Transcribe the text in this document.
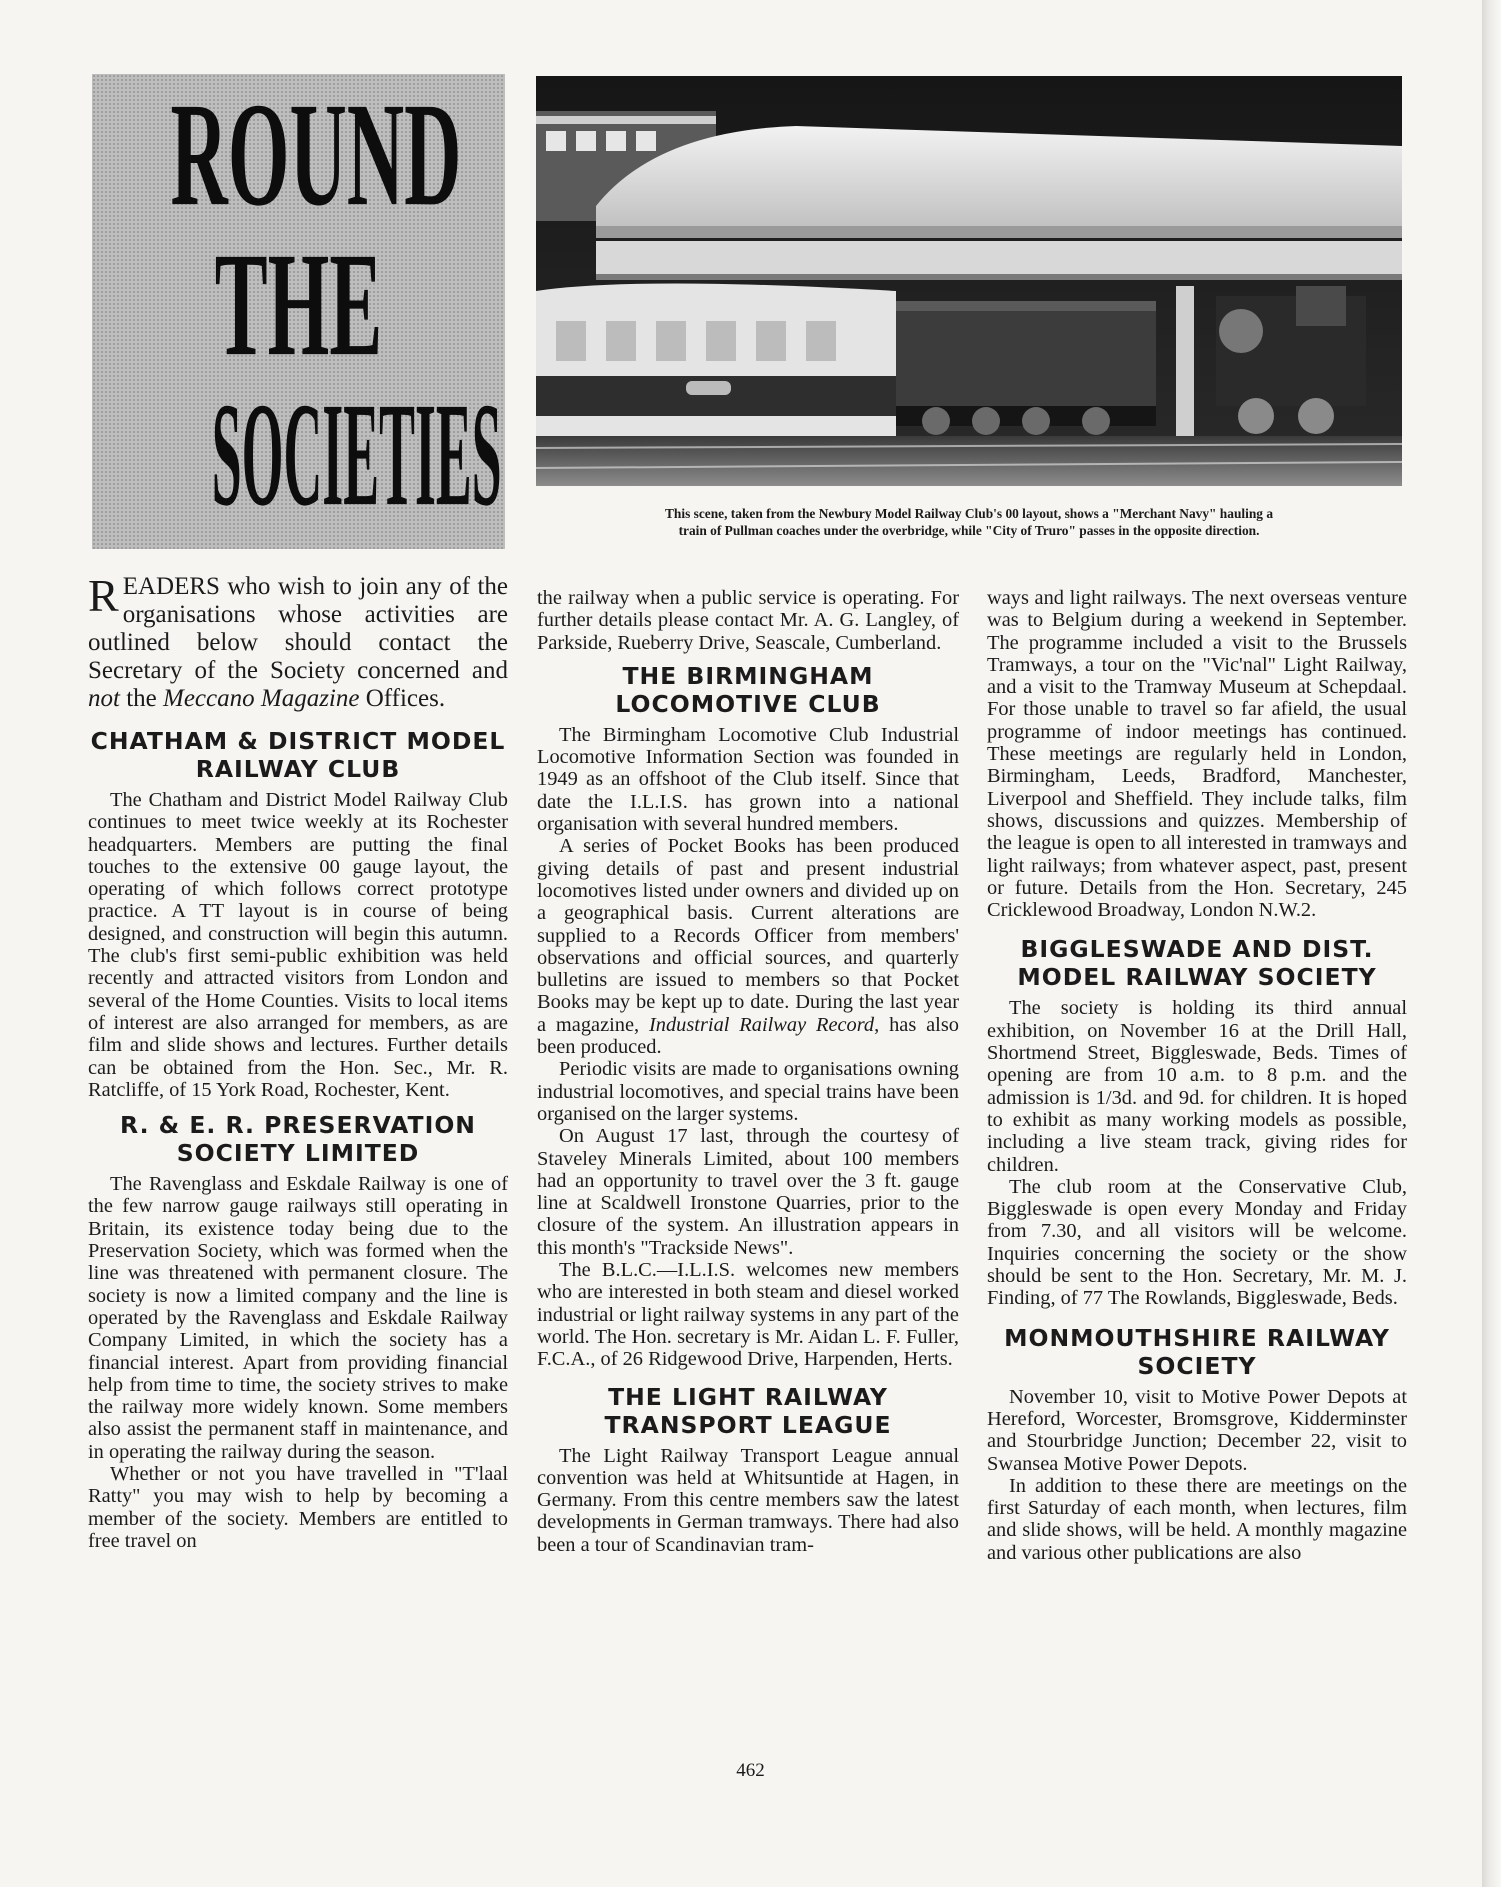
ROUND
THE
SOCIETIES	This scene, taken from the Newbury Model Railway Club's 00 layout, shows a "Merchant Navy" hauling a
train of Pullman coaches under the overbridge, while "City of Truro" passes in the opposite direction.
READERS who wish to join any of the organisations whose activities are outlined below should contact the Secretary of the Society concerned and not the Meccano Magazine Offices.
CHATHAM & DISTRICT MODEL RAILWAY CLUB

The Chatham and District Model Railway Club continues to meet twice weekly at its Rochester headquarters. Members are putting the final touches to the extensive 00 gauge layout, the operating of which follows correct prototype practice. A TT layout is in course of being designed, and construction will begin this autumn. The club's first semi-public exhibition was held recently and attracted visitors from London and several of the Home Counties. Visits to local items of interest are also arranged for members, as are film and slide shows and lectures. Further details can be obtained from the Hon. Sec., Mr. R. Ratcliffe, of 15 York Road, Rochester, Kent.

R. & E. R. PRESERVATION SOCIETY LIMITED

The Ravenglass and Eskdale Railway is one of the few narrow gauge railways still operating in Britain, its existence today being due to the Preservation Society, which was formed when the line was threatened with permanent closure. The society is now a limited company and the line is operated by the Ravenglass and Eskdale Railway Company Limited, in which the society has a financial interest. Apart from providing financial help from time to time, the society strives to make the railway more widely known. Some members also assist the permanent staff in maintenance, and in operating the railway during the season.

Whether or not you have travelled in "T'laal Ratty" you may wish to help by becoming a member of the society. Members are entitled to free travel on

the railway when a public service is operating. For further details please contact Mr. A. G. Langley, of Parkside, Rueberry Drive, Seascale, Cumberland.

THE BIRMINGHAM LOCOMOTIVE CLUB

The Birmingham Locomotive Club Industrial Locomotive Information Section was founded in 1949 as an offshoot of the Club itself. Since that date the I.L.I.S. has grown into a national organisation with several hundred members.

A series of Pocket Books has been produced giving details of past and present industrial locomotives listed under owners and divided up on a geographical basis. Current alterations are supplied to a Records Officer from members' observations and official sources, and quarterly bulletins are issued to members so that Pocket Books may be kept up to date. During the last year a magazine, Industrial Railway Record, has also been produced.

Periodic visits are made to organisations owning industrial locomotives, and special trains have been organised on the larger systems.

On August 17 last, through the courtesy of Staveley Minerals Limited, about 100 members had an opportunity to travel over the 3 ft. gauge line at Scaldwell Ironstone Quarries, prior to the closure of the system. An illustration appears in this month's "Trackside News".

The B.L.C.—I.L.I.S. welcomes new members who are interested in both steam and diesel worked industrial or light railway systems in any part of the world. The Hon. secretary is Mr. Aidan L. F. Fuller, F.C.A., of 26 Ridgewood Drive, Harpenden, Herts.

THE LIGHT RAILWAY TRANSPORT LEAGUE

The Light Railway Transport League annual convention was held at Whitsuntide at Hagen, in Germany. From this centre members saw the latest developments in German tramways. There had also been a tour of Scandinavian tram-

ways and light railways. The next overseas venture was to Belgium during a weekend in September. The programme included a visit to the Brussels Tramways, a tour on the "Vic'nal" Light Railway, and a visit to the Tramway Museum at Schepdaal. For those unable to travel so far afield, the usual programme of indoor meetings has continued. These meetings are regularly held in London, Birmingham, Leeds, Bradford, Manchester, Liverpool and Sheffield. They include talks, film shows, discussions and quizzes. Membership of the league is open to all interested in tramways and light railways; from whatever aspect, past, present or future. Details from the Hon. Secretary, 245 Cricklewood Broadway, London N.W.2.

BIGGLESWADE AND DIST. MODEL RAILWAY SOCIETY

The society is holding its third annual exhibition, on November 16 at the Drill Hall, Shortmend Street, Biggleswade, Beds. Times of opening are from 10 a.m. to 8 p.m. and the admission is 1/3d. and 9d. for children. It is hoped to exhibit as many working models as possible, including a live steam track, giving rides for children.

The club room at the Conservative Club, Biggleswade is open every Monday and Friday from 7.30, and all visitors will be welcome. Inquiries concerning the society or the show should be sent to the Hon. Secretary, Mr. M. J. Finding, of 77 The Rowlands, Biggleswade, Beds.

MONMOUTHSHIRE RAILWAY SOCIETY

November 10, visit to Motive Power Depots at Hereford, Worcester, Bromsgrove, Kidderminster and Stourbridge Junction; December 22, visit to Swansea Motive Power Depots.

In addition to these there are meetings on the first Saturday of each month, when lectures, film and slide shows, will be held. A monthly magazine and various other publications are also

462
